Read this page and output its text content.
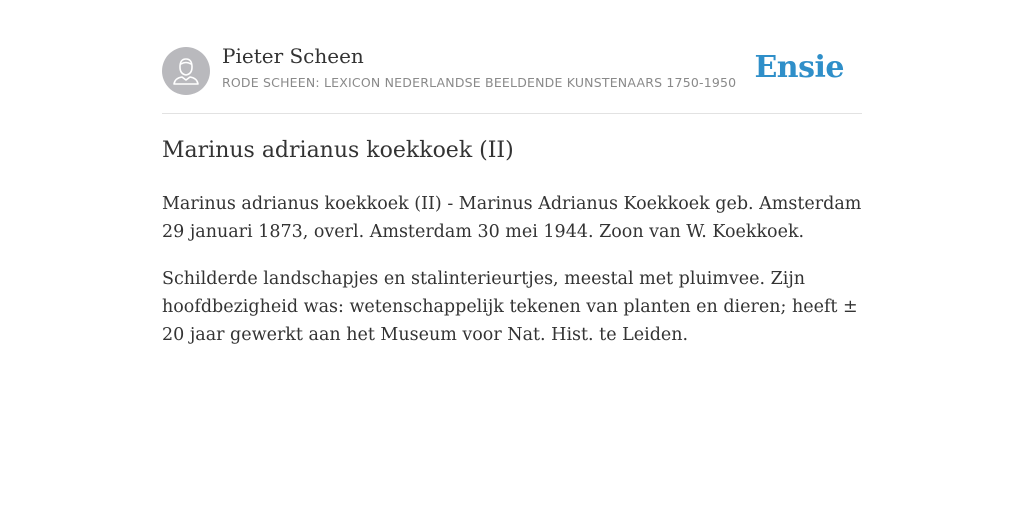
Pieter Scheen
RODE SCHEEN: LEXICON NEDERLANDSE BEELDENDE KUNSTENAARS 1750-1950 Ensie
Marinus adrianus koekkoek (II)

Marinus adrianus koekkoek (II) - Marinus Adrianus Koekkoek geb. Amsterdam 29 januari 1873, overl. Amsterdam 30 mei 1944. Zoon van W. Koekkoek.

Schilderde landschapjes en stalinterieurtjes, meestal met pluimvee. Zijn hoofdbezigheid was: wetenschappelijk tekenen van planten en dieren; heeft ± 20 jaar gewerkt aan het Museum voor Nat. Hist. te Leiden.
